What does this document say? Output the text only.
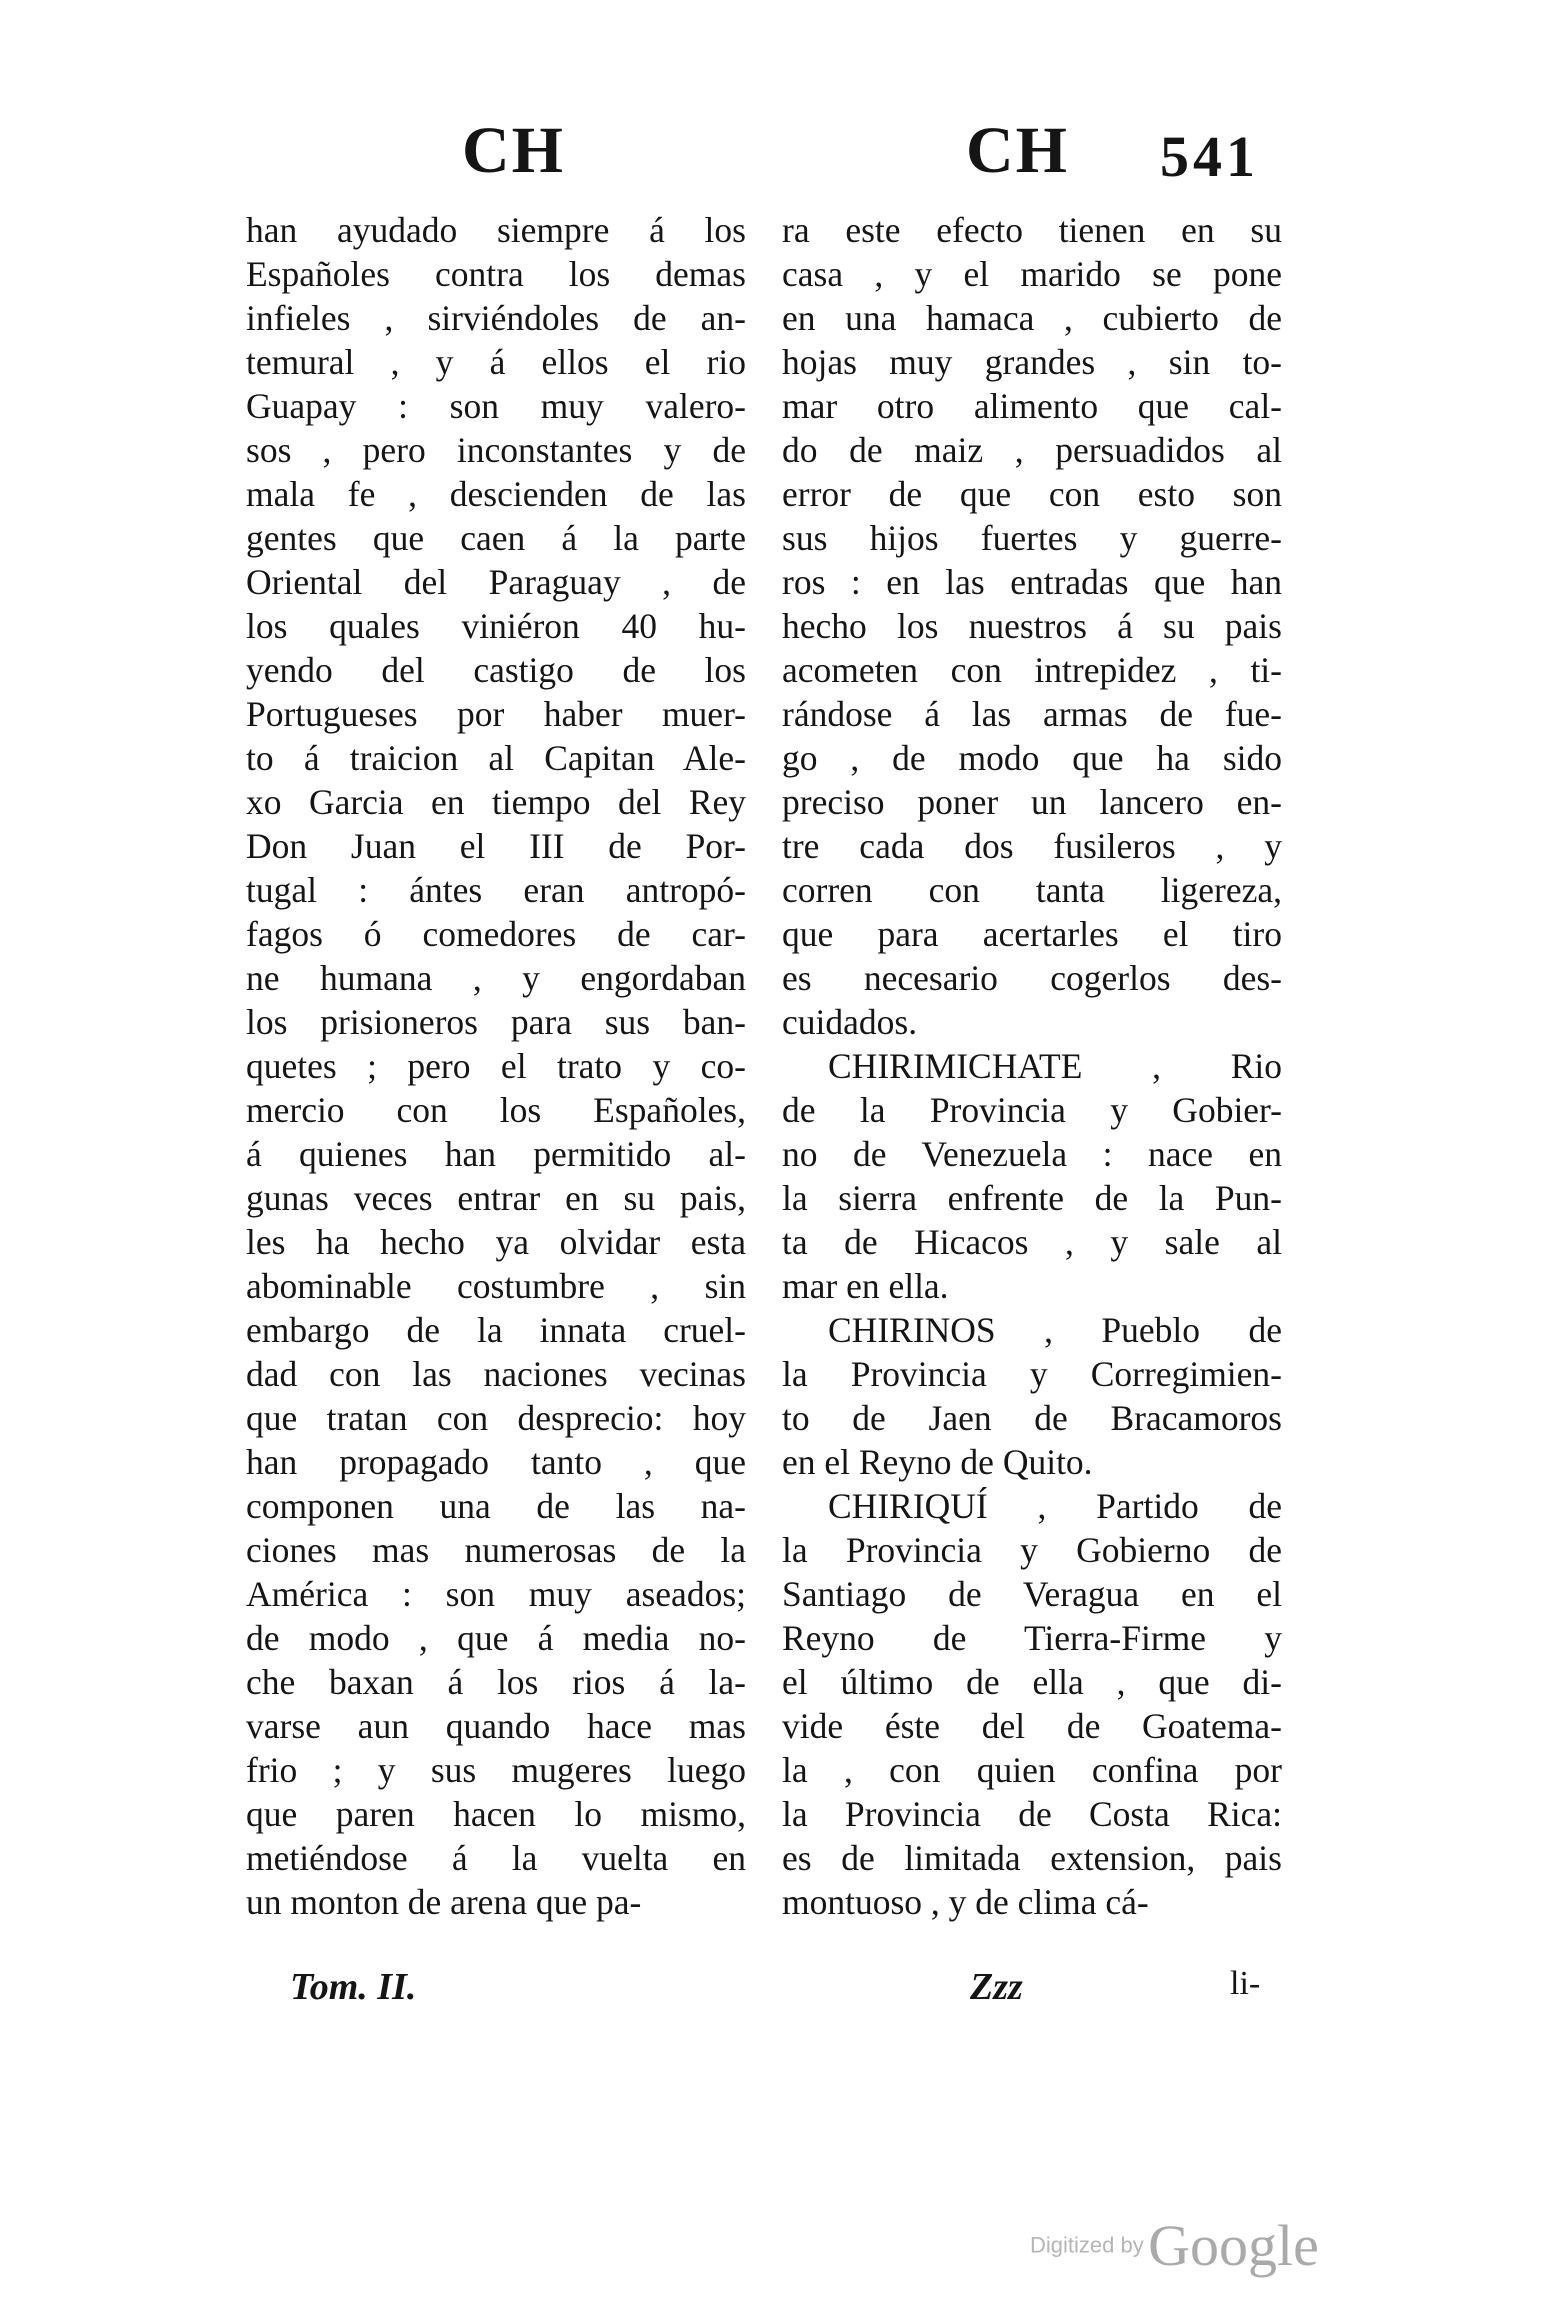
CH	CH 541
han ayudado siempre á los
Españoles contra los demas
infieles , sirviéndoles de an-
temural , y á ellos el rio
Guapay : son muy valero-
sos , pero inconstantes y de
mala fe , descienden de las
gentes que caen á la parte
Oriental del Paraguay , de
los quales viniéron 40 hu-
yendo del castigo de los
Portugueses por haber muer-
to á traicion al Capitan Ale-
xo Garcia en tiempo del Rey
Don Juan el III de Por-
tugal : ántes eran antropó-
fagos ó comedores de car-
ne humana , y engordaban
los prisioneros para sus ban-
quetes ; pero el trato y co-
mercio con los Españoles,
á quienes han permitido al-
gunas veces entrar en su pais,
les ha hecho ya olvidar esta
abominable costumbre , sin
embargo de la innata cruel-
dad con las naciones vecinas
que tratan con desprecio: hoy
han propagado tanto , que
componen una de las na-
ciones mas numerosas de la
América : son muy aseados;
de modo , que á media no-
che baxan á los rios á la-
varse aun quando hace mas
frio ; y sus mugeres luego
que paren hacen lo mismo,
metiéndose á la vuelta en
un monton de arena que pa-
ra este efecto tienen en su
casa , y el marido se pone
en una hamaca , cubierto de
hojas muy grandes , sin to-
mar otro alimento que cal-
do de maiz , persuadidos al
error de que con esto son
sus hijos fuertes y guerre-
ros : en las entradas que han
hecho los nuestros á su pais
acometen con intrepidez , ti-
rándose á las armas de fue-
go , de modo que ha sido
preciso poner un lancero en-
tre cada dos fusileros , y
corren con tanta ligereza,
que para acertarles el tiro
es necesario cogerlos des-
cuidados.
CHIRIMICHATE , Rio
de la Provincia y Gobier-
no de Venezuela : nace en
la sierra enfrente de la Pun-
ta de Hicacos , y sale al
mar en ella.
CHIRINOS , Pueblo de
la Provincia y Corregimien-
to de Jaen de Bracamoros
en el Reyno de Quito.
CHIRIQUÍ , Partido de
la Provincia y Gobierno de
Santiago de Veragua en el
Reyno de Tierra-Firme y
el último de ella , que di-
vide éste del de Goatema-
la , con quien confina por
la Provincia de Costa Rica:
es de limitada extension, pais
montuoso , y de clima cá-
Tom. II.	Zzz	li-
Digitized by Google
